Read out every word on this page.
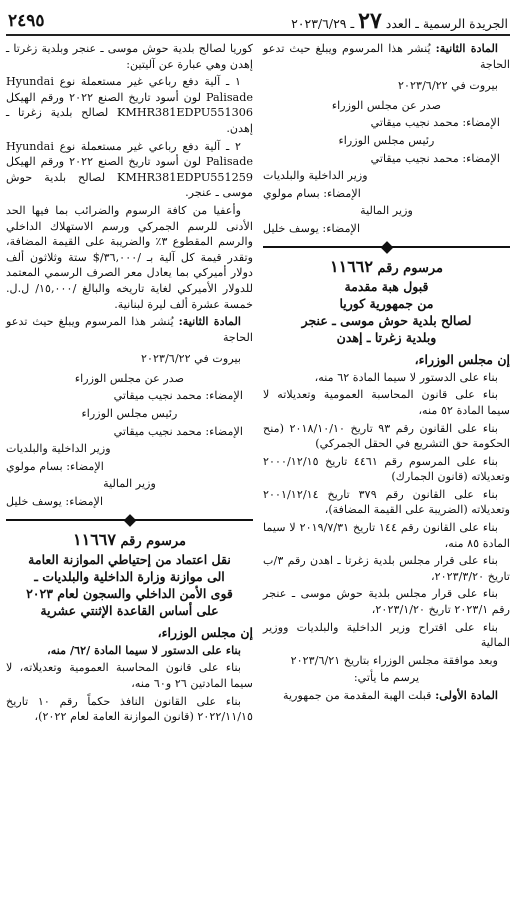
٢٤٩٥	الجريدة الرسمية ـ العدد
٢٧
ـ ٢٠٢٣/٦/٢٩

المادة الثانية: يُنشر هذا المرسوم ويبلغ حيث تدعو الحاجة

بيروت في ٢٠٢٣/٦/٢٢

صدر عن مجلس الوزراء

الإمضاء: محمد نجيب ميقاتي

رئيس مجلس الوزراء

الإمضاء: محمد نجيب ميقاتي

وزير الداخلية والبلديات

الإمضاء: بسام مولوي

وزير المالية

الإمضاء: يوسف خليل

مرسوم رقم ١١٦٦٢

قبول هبة مقدمة
من جمهورية كوريا
لصالح بلدية حوش موسى ـ عنجر
وبلدية زغرتا ـ إهدن

إن مجلس الوزراء،

بناء على الدستور لا سيما المادة ٦٢ منه،

بناء على قانون المحاسبة العمومية وتعديلاته لا سيما المادة ٥٢ منه،

بناء على القانون رقم ٩٣ تاريخ ٢٠١٨/١٠/١٠ (منح الحكومة حق التشريع في الحقل الجمركي)

بناء على المرسوم رقم ٤٤٦١ تاريخ ٢٠٠٠/١٢/١٥ وتعديلاته (قانون الجمارك)

بناء على القانون رقم ٣٧٩ تاريخ ٢٠٠١/١٢/١٤ وتعديلاته (الضريبة على القيمة المضافة)،

بناء على القانون رقم ١٤٤ تاريخ ٢٠١٩/٧/٣١ لا سيما المادة ٨٥ منه،

بناء على قرار مجلس بلدية زغرتا ـ اهدن رقم ٣/ب تاريخ ٢٠٢٣/٣/٢٠،

بناء على قرار مجلس بلدية حوش موسى ـ عنجر رقم ٢٠٢٣/١ تاريخ ٢٠٢٣/١/٢٠،

بناء على اقتراح وزير الداخلية والبلديات ووزير المالية

وبعد موافقة مجلس الوزراء بتاريخ ٢٠٢٣/٦/٢١

يرسم ما يأتي:

المادة الأولى: قبلت الهبة المقدمة من جمهورية

كوريا لصالح بلدية حوش موسى ـ عنجر وبلدية زغرتا ـ إهدن وهي عبارة عن آليتين:

١ ـ آلية دفع رباعي غير مستعملة نوع Hyundai Palisade لون أسود تاريخ الصنع ٢٠٢٢ ورقم الهيكل KMHR381EDPU551306 لصالح بلدية زغرتا ـ إهدن.

٢ ـ آلية دفع رباعي غير مستعملة نوع Hyundai Palisade لون أسود تاريخ الصنع ٢٠٢٢ ورقم الهيكل KMHR381EDPU551259 لصالح بلدية حوش موسى ـ عنجر.

وأعفيا من كافة الرسوم والضرائب بما فيها الحد الأدنى للرسم الجمركي ورسم الاستهلاك الداخلي والرسم المقطوع ٣٪ والضريبة على القيمة المضافة، وتقدر قيمة كل آلية بـ /٣٦,٠٠٠/$ ستة وثلاثون ألف دولار أميركي بما يعادل معر الصرف الرسمي المعتمد للدولار الأميركي لغاية تاريخه والبالغ /١٥,٠٠٠/ ل.ل. خمسة عشرة ألف ليرة لبنانية.

المادة الثانية: يُنشر هذا المرسوم ويبلغ حيث تدعو الحاجة

بيروت في ٢٠٢٣/٦/٢٢

صدر عن مجلس الوزراء

الإمضاء: محمد نجيب ميقاتي

رئيس مجلس الوزراء

الإمضاء: محمد نجيب ميقاتي

وزير الداخلية والبلديات

الإمضاء: بسام مولوي

وزير المالية

الإمضاء: يوسف خليل

مرسوم رقم ١١٦٦٧

نقل اعتماد من إحتياطي الموازنة العامة
الى موازنة وزارة الداخلية والبلديات ـ
قوى الأمن الداخلي والسجون لعام ٢٠٢٣
على أساس القاعدة الإثنتي عشرية

إن مجلس الوزراء،

بناء على الدستور لا سيما المادة /٦٢/ منه،

بناء على قانون المحاسبة العمومية وتعديلاته، لا سيما المادتين ٢٦ و٦٠ منه،

بناء على القانون النافذ حكماً رقم ١٠ تاريخ ٢٠٢٢/١١/١٥ (قانون الموازنة العامة لعام ٢٠٢٢)،
